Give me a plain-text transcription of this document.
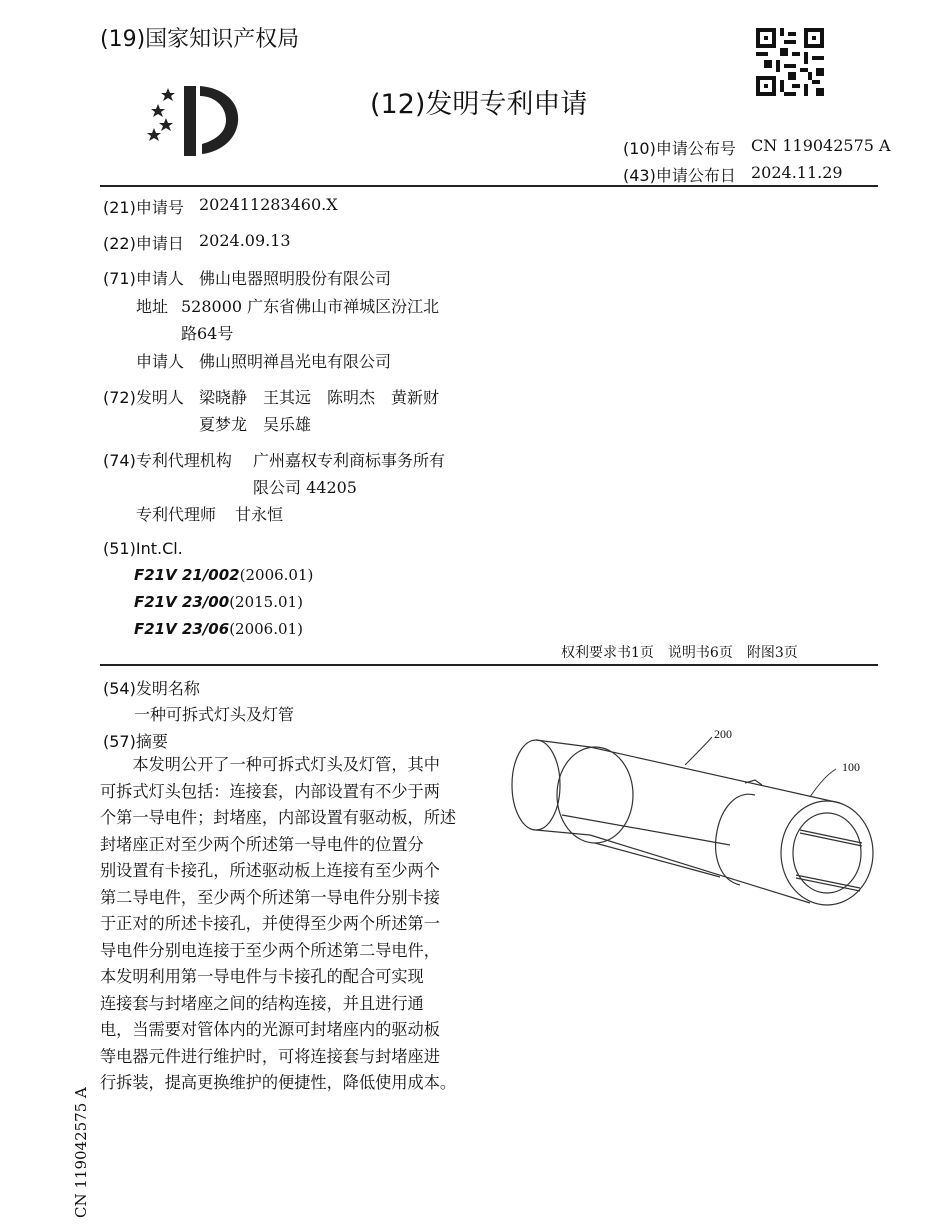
(19)国家知识产权局
(12)发明专利申请
(10)申请公布号 CN 119042575 A
(43)申请公布日 2024.11.29
(21)申请号 202411283460.X
(22)申请日 2024.09.13
(71)申请人 佛山电器照明股份有限公司
地址 528000 广东省佛山市禅城区汾江北
路64号
申请人 佛山照明禅昌光电有限公司
(72)发明人 梁晓静　王其远　陈明杰　黄新财
夏梦龙　吴乐雄
(74)专利代理机构 广州嘉权专利商标事务所有
限公司 44205
专利代理师 甘永恒
(51)Int.Cl.
F21V 21/002(2006.01)
F21V 23/00(2015.01)
F21V 23/06(2006.01)
权利要求书1页　说明书6页　附图3页
(54)发明名称
一种可拆式灯头及灯管
(57)摘要
　　本发明公开了一种可拆式灯头及灯管，其中
可拆式灯头包括：连接套，内部设置有不少于两
个第一导电件；封堵座，内部设置有驱动板，所述
封堵座正对至少两个所述第一导电件的位置分
别设置有卡接孔，所述驱动板上连接有至少两个
第二导电件，至少两个所述第一导电件分别卡接
于正对的所述卡接孔，并使得至少两个所述第一
导电件分别电连接于至少两个所述第二导电件，
本发明利用第一导电件与卡接孔的配合可实现
连接套与封堵座之间的结构连接，并且进行通
电，当需要对管体内的光源可封堵座内的驱动板
等电器元件进行维护时，可将连接套与封堵座进
行拆装，提高更换维护的便捷性，降低使用成本。
200
100
CN 119042575 A
